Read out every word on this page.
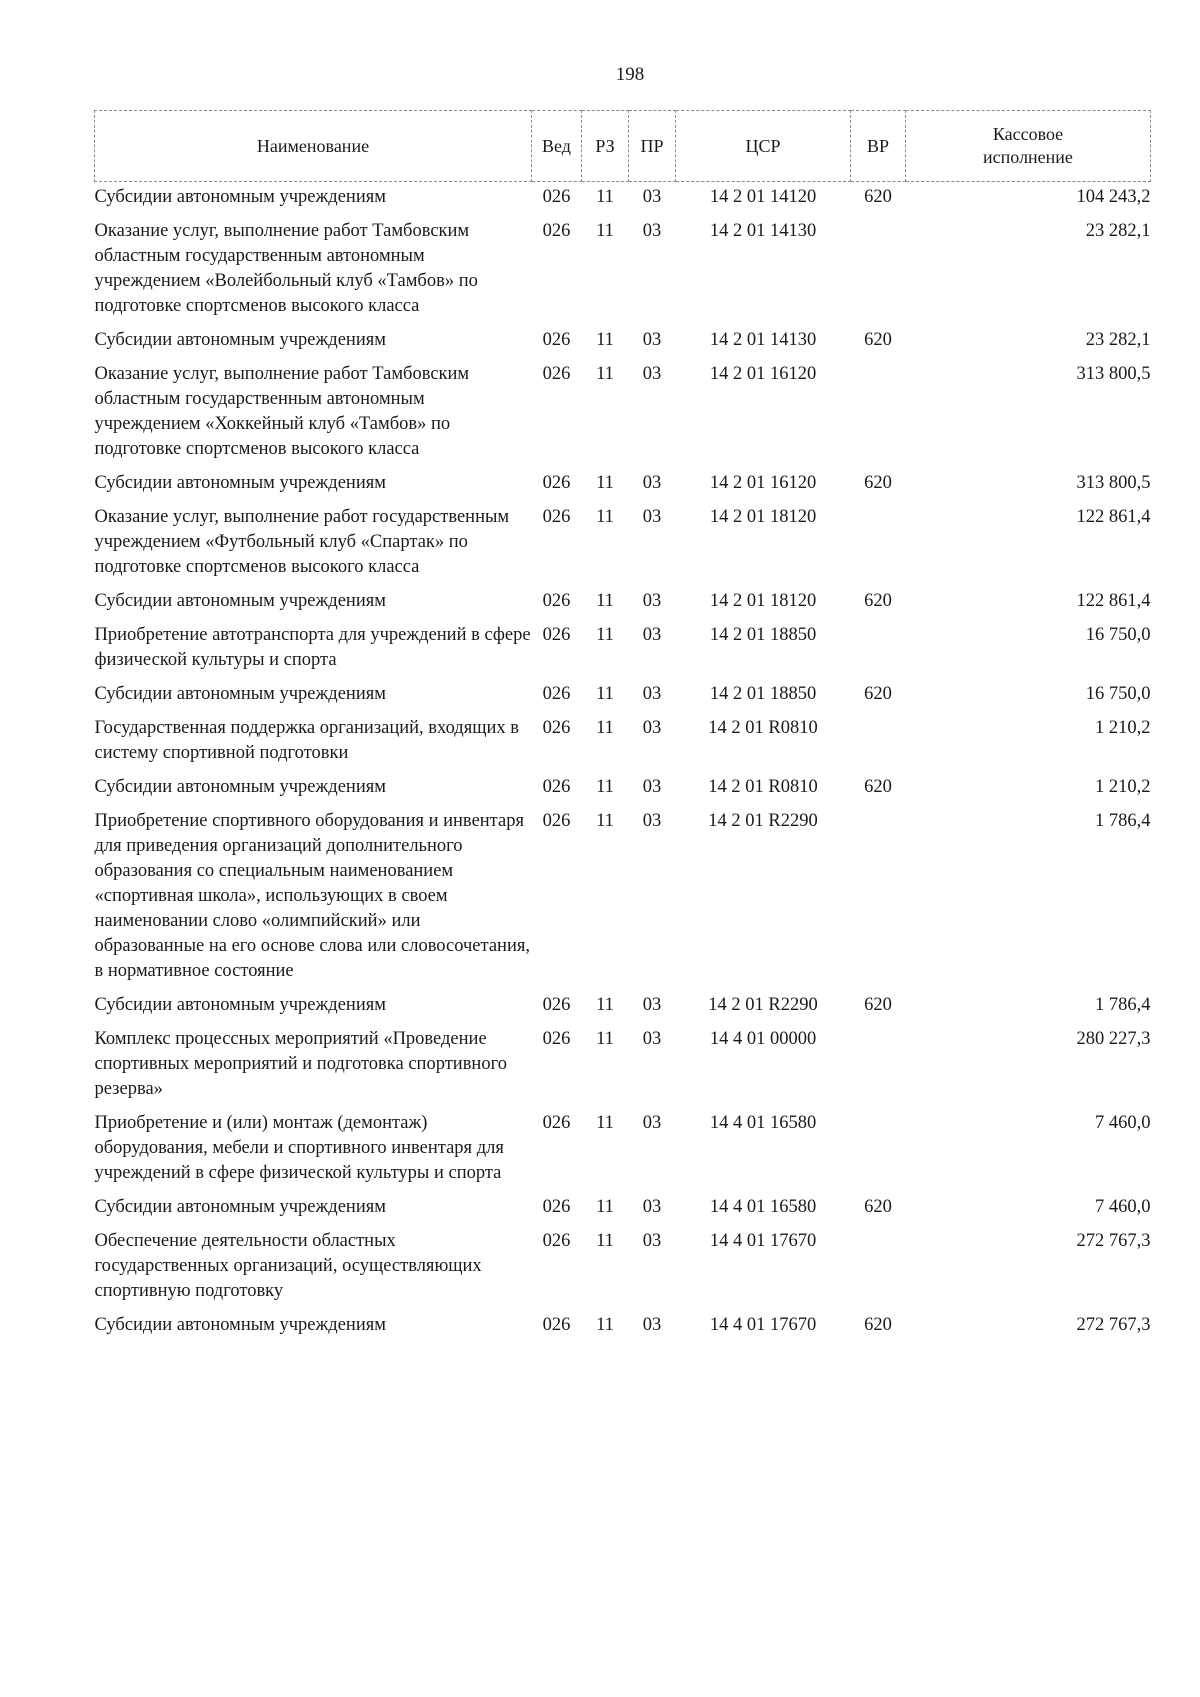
198
Наименование	Вед	РЗ	ПР	ЦСР	ВР	Кассовое
исполнение
Субсидии автономным учреждениям	026	11	03	14 2 01 14120	620	104 243,2
Оказание услуг, выполнение работ Тамбовским областным государственным автономным учреждением «Волейбольный клуб «Тамбов» по подготовке спортсменов высокого класса	026	11	03	14 2 01 14130		23 282,1
Субсидии автономным учреждениям	026	11	03	14 2 01 14130	620	23 282,1
Оказание услуг, выполнение работ Тамбовским областным государственным автономным учреждением «Хоккейный клуб «Тамбов» по подготовке спортсменов высокого класса	026	11	03	14 2 01 16120		313 800,5
Субсидии автономным учреждениям	026	11	03	14 2 01 16120	620	313 800,5
Оказание услуг, выполнение работ государственным учреждением «Футбольный клуб «Спартак» по подготовке спортсменов высокого класса	026	11	03	14 2 01 18120		122 861,4
Субсидии автономным учреждениям	026	11	03	14 2 01 18120	620	122 861,4
Приобретение автотранспорта для учреждений в сфере физической культуры и спорта	026	11	03	14 2 01 18850		16 750,0
Субсидии автономным учреждениям	026	11	03	14 2 01 18850	620	16 750,0
Государственная поддержка организаций, входящих в систему спортивной подготовки	026	11	03	14 2 01 R0810		1 210,2
Субсидии автономным учреждениям	026	11	03	14 2 01 R0810	620	1 210,2
Приобретение спортивного оборудования и инвентаря для приведения организаций дополнительного образования со специальным наименованием «спортивная школа», использующих в своем наименовании слово «олимпийский» или образованные на его основе слова или словосочетания, в нормативное состояние	026	11	03	14 2 01 R2290		1 786,4
Субсидии автономным учреждениям	026	11	03	14 2 01 R2290	620	1 786,4
Комплекс процессных мероприятий «Проведение спортивных мероприятий и подготовка спортивного резерва»	026	11	03	14 4 01 00000		280 227,3
Приобретение и (или) монтаж (демонтаж) оборудования, мебели и спортивного инвентаря для учреждений в сфере физической культуры и спорта	026	11	03	14 4 01 16580		7 460,0
Субсидии автономным учреждениям	026	11	03	14 4 01 16580	620	7 460,0
Обеспечение деятельности областных государственных организаций, осуществляющих спортивную подготовку	026	11	03	14 4 01 17670		272 767,3
Субсидии автономным учреждениям	026	11	03	14 4 01 17670	620	272 767,3
